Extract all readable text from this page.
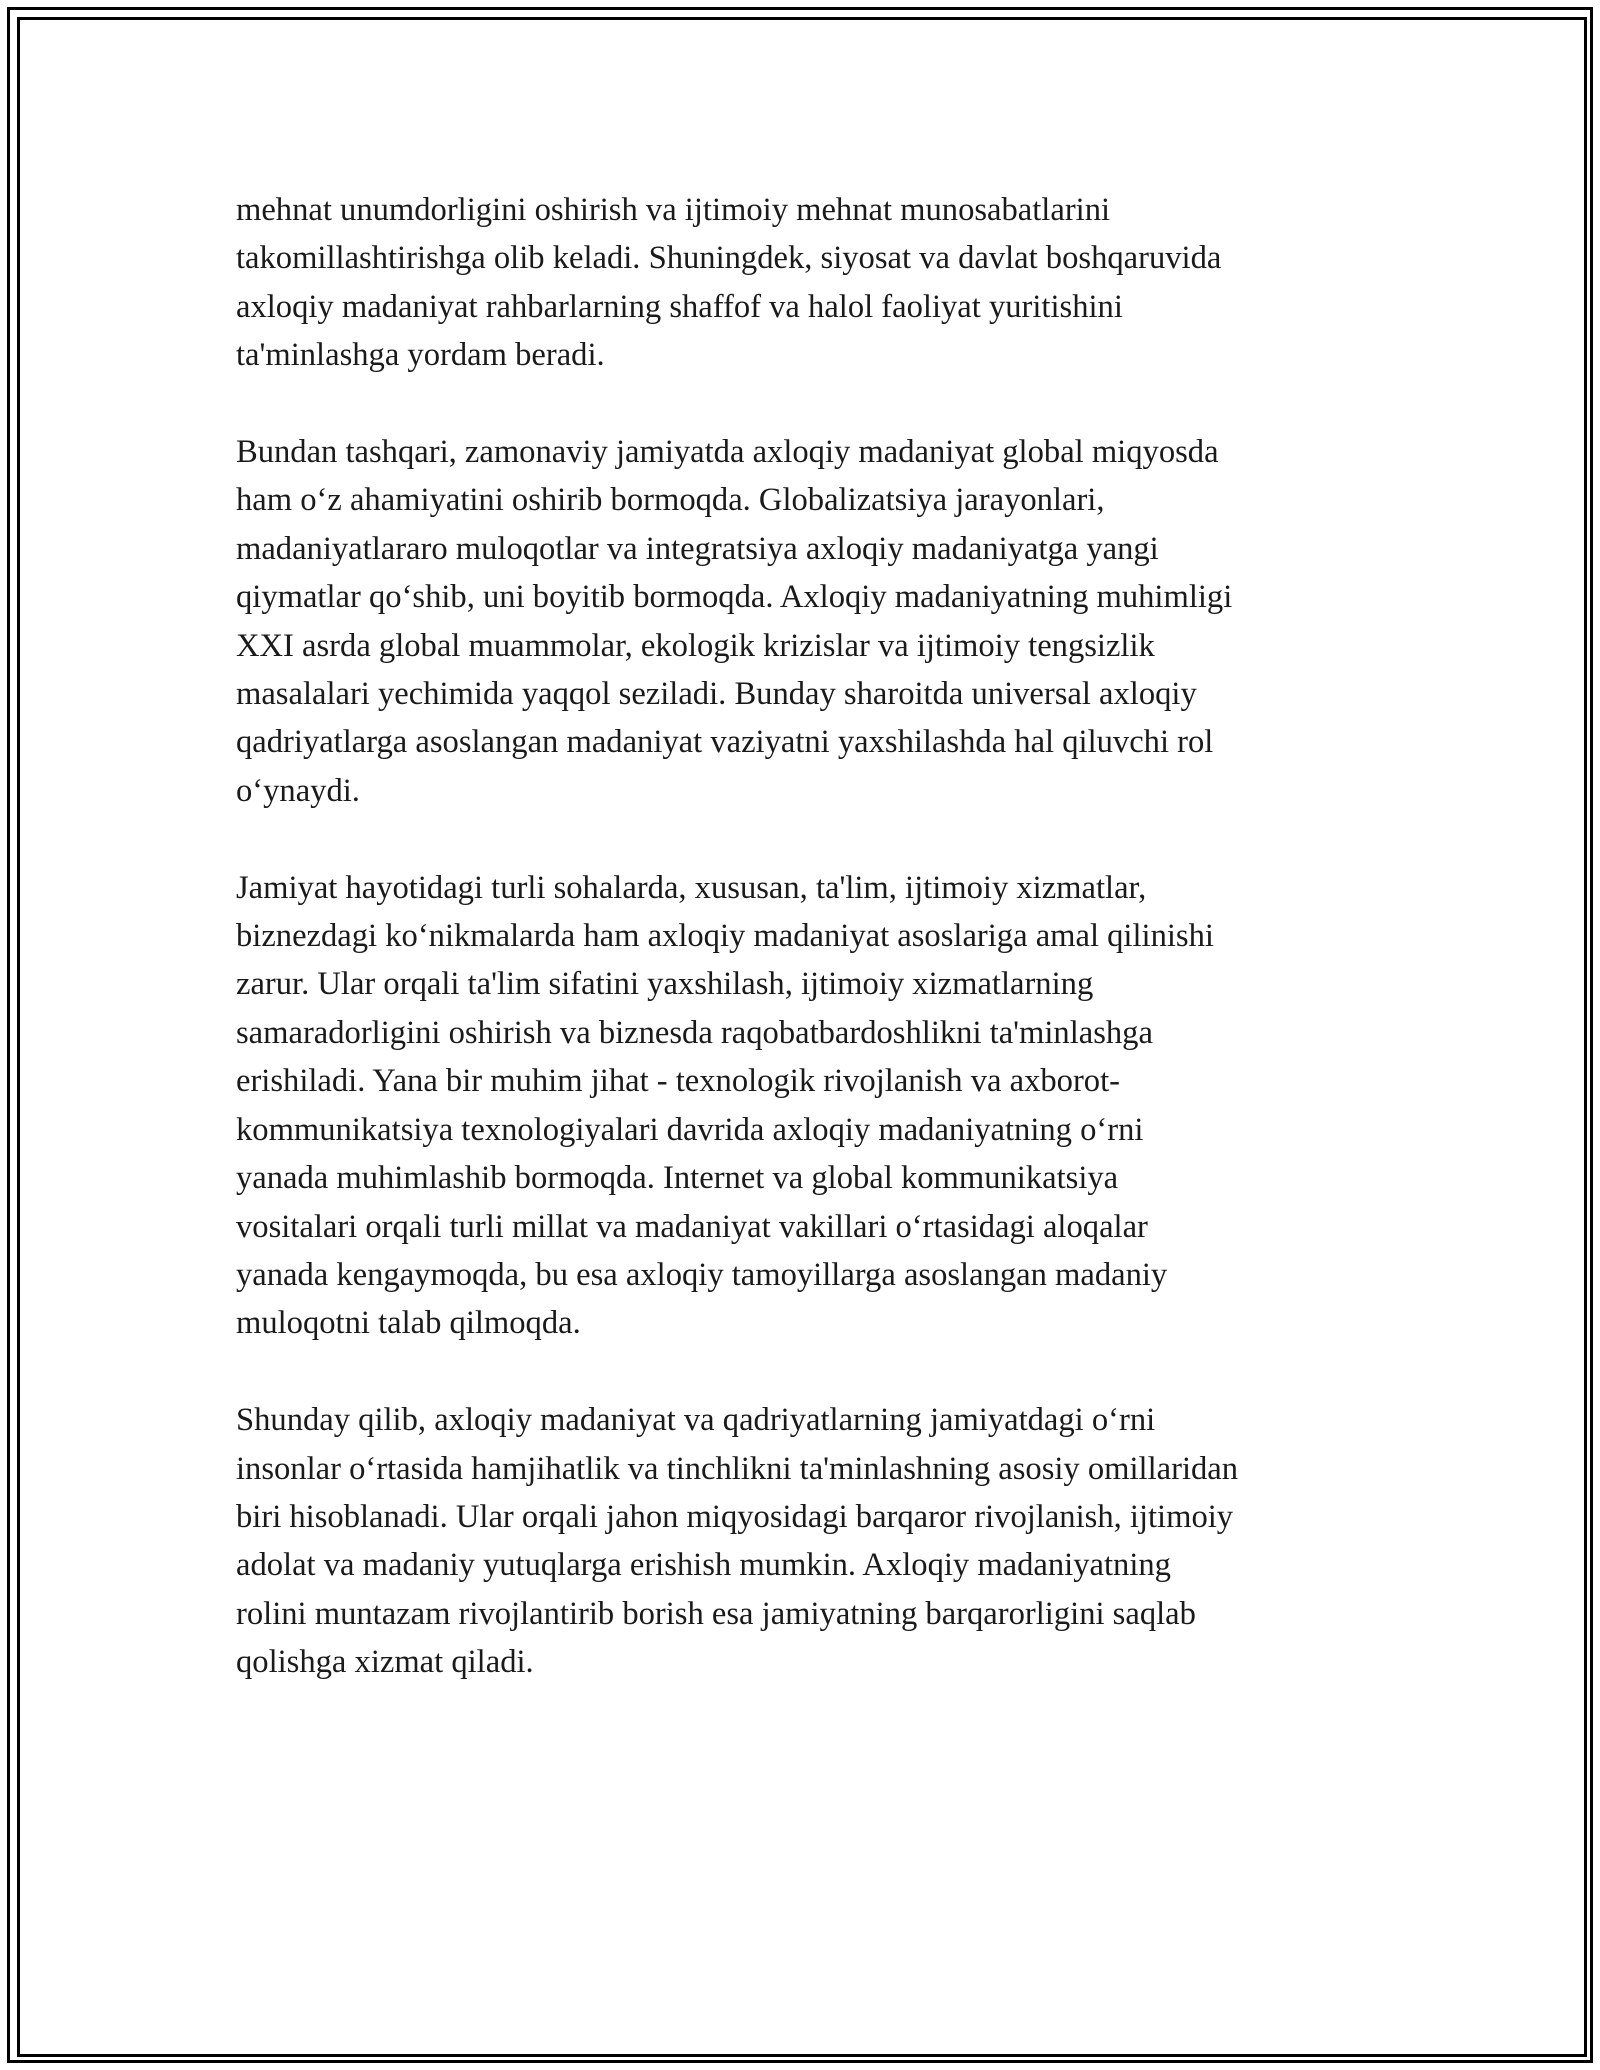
mehnat unumdorligini oshirish va ijtimoiy mehnat munosabatlarini
takomillashtirishga olib keladi. Shuningdek, siyosat va davlat boshqaruvida
axloqiy madaniyat rahbarlarning shaffof va halol faoliyat yuritishini
ta'minlashga yordam beradi.

Bundan tashqari, zamonaviy jamiyatda axloqiy madaniyat global miqyosda
ham o‘z ahamiyatini oshirib bormoqda. Globalizatsiya jarayonlari,
madaniyatlararo muloqotlar va integratsiya axloqiy madaniyatga yangi
qiymatlar qo‘shib, uni boyitib bormoqda. Axloqiy madaniyatning muhimligi
XXI asrda global muammolar, ekologik krizislar va ijtimoiy tengsizlik
masalalari yechimida yaqqol seziladi. Bunday sharoitda universal axloqiy
qadriyatlarga asoslangan madaniyat vaziyatni yaxshilashda hal qiluvchi rol
o‘ynaydi.

Jamiyat hayotidagi turli sohalarda, xususan, ta'lim, ijtimoiy xizmatlar,
biznezdagi ko‘nikmalarda ham axloqiy madaniyat asoslariga amal qilinishi
zarur. Ular orqali ta'lim sifatini yaxshilash, ijtimoiy xizmatlarning
samaradorligini oshirish va biznesda raqobatbardoshlikni ta'minlashga
erishiladi. Yana bir muhim jihat - texnologik rivojlanish va axborot-
kommunikatsiya texnologiyalari davrida axloqiy madaniyatning o‘rni
yanada muhimlashib bormoqda. Internet va global kommunikatsiya
vositalari orqali turli millat va madaniyat vakillari o‘rtasidagi aloqalar
yanada kengaymoqda, bu esa axloqiy tamoyillarga asoslangan madaniy
muloqotni talab qilmoqda.

Shunday qilib, axloqiy madaniyat va qadriyatlarning jamiyatdagi o‘rni
insonlar o‘rtasida hamjihatlik va tinchlikni ta'minlashning asosiy omillaridan
biri hisoblanadi. Ular orqali jahon miqyosidagi barqaror rivojlanish, ijtimoiy
adolat va madaniy yutuqlarga erishish mumkin. Axloqiy madaniyatning
rolini muntazam rivojlantirib borish esa jamiyatning barqarorligini saqlab
qolishga xizmat qiladi.
